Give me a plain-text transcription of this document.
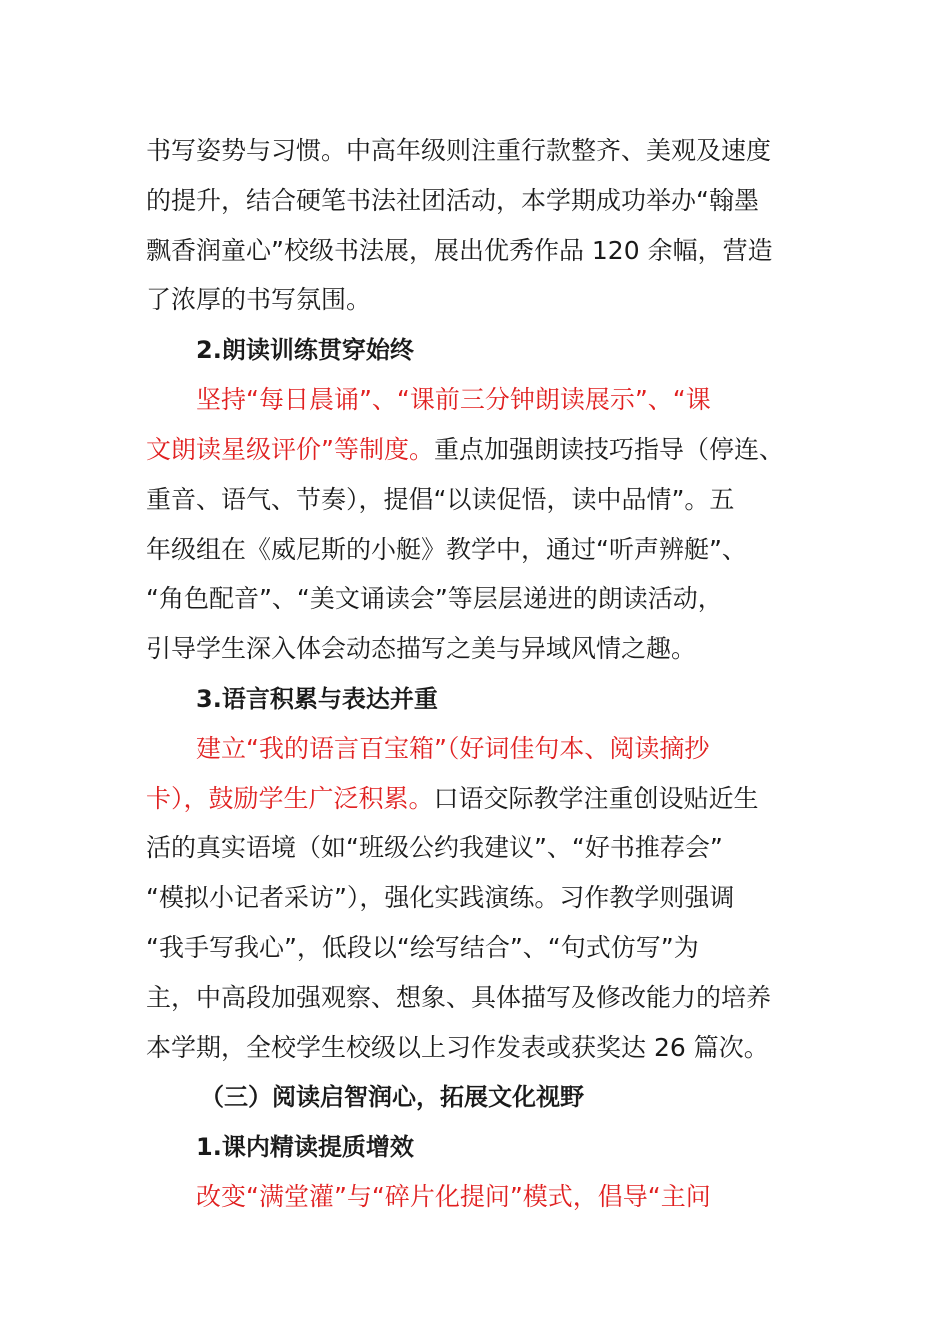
书写姿势与习惯。中高年级则注重行款整齐、美观及速度
的提升，结合硬笔书法社团活动，本学期成功举办“翰墨
飘香润童心”校级书法展，展出优秀作品 120 余幅，营造
了浓厚的书写氛围。
2.朗读训练贯穿始终
坚持“每日晨诵”、“课前三分钟朗读展示”、“课
文朗读星级评价”等制度。重点加强朗读技巧指导（停连、
重音、语气、节奏），提倡“以读促悟，读中品情”。五
年级组在《威尼斯的小艇》教学中，通过“听声辨艇”、
“角色配音”、“美文诵读会”等层层递进的朗读活动，
引导学生深入体会动态描写之美与异域风情之趣。
3.语言积累与表达并重
建立“我的语言百宝箱”（好词佳句本、阅读摘抄
卡），鼓励学生广泛积累。口语交际教学注重创设贴近生
活的真实语境（如“班级公约我建议”、“好书推荐会”
“模拟小记者采访”），强化实践演练。习作教学则强调
“我手写我心”，低段以“绘写结合”、“句式仿写”为
主，中高段加强观察、想象、具体描写及修改能力的培养
本学期，全校学生校级以上习作发表或获奖达 26 篇次。
（三）阅读启智润心，拓展文化视野
1.课内精读提质增效
改变“满堂灌”与“碎片化提问”模式，倡导“主问
